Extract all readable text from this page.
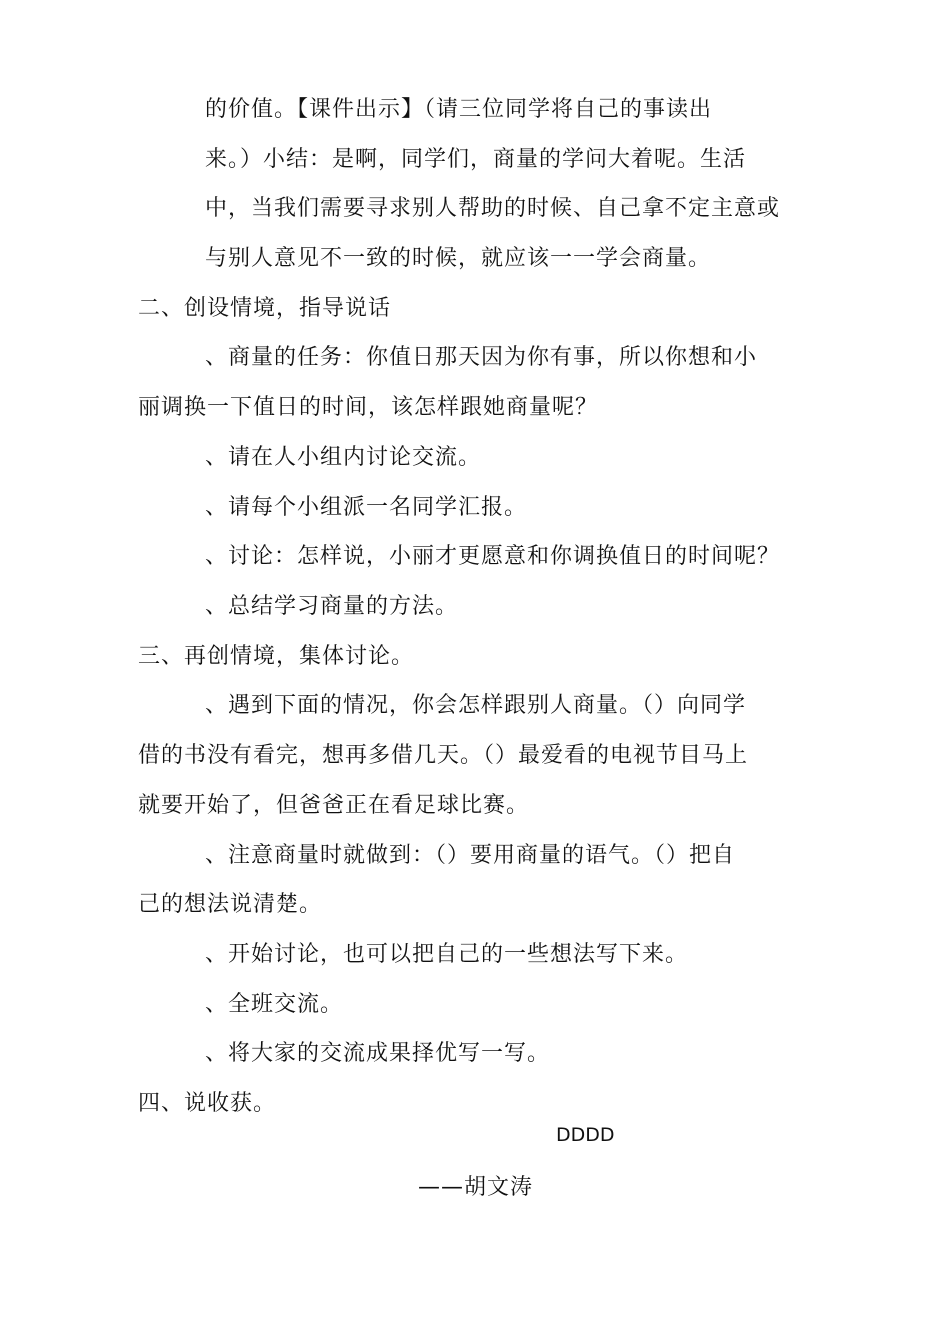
的价值。【课件出示】（请三位同学将自己的事读出
来。）小结：是啊，同学们，商量的学问大着呢。生活
中，当我们需要寻求别人帮助的时候、自己拿不定主意或
与别人意见不一致的时候，就应该一一学会商量。
二、创设情境，指导说话
、商量的任务：你值日那天因为你有事，所以你想和小
丽调换一下值日的时间，该怎样跟她商量呢？
、请在人小组内讨论交流。
、请每个小组派一名同学汇报。
、讨论：怎样说，小丽才更愿意和你调换值日的时间呢？
、总结学习商量的方法。
三、再创情境，集体讨论。
、遇到下面的情况，你会怎样跟别人商量。（）向同学
借的书没有看完，想再多借几天。（）最爱看的电视节目马上
就要开始了，但爸爸正在看足球比赛。
、注意商量时就做到：（）要用商量的语气。（）把自
己的想法说清楚。
、开始讨论，也可以把自己的一些想法写下来。
、全班交流。
、将大家的交流成果择优写一写。
四、说收获。
DDDD
——胡文涛
